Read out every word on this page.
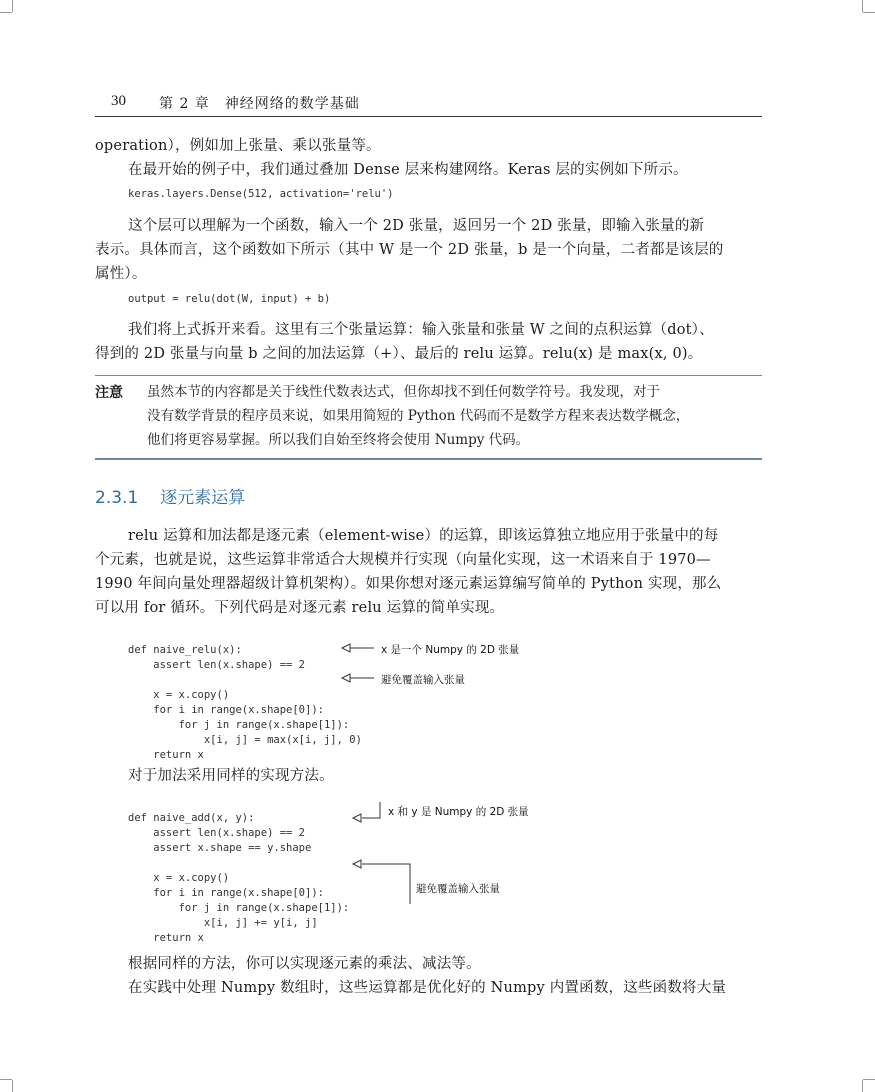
30 第 2 章　神经网络的数学基础
operation），例如加上张量、乘以张量等。
在最开始的例子中，我们通过叠加 Dense 层来构建网络。Keras 层的实例如下所示。
keras.layers.Dense(512, activation='relu')
这个层可以理解为一个函数，输入一个 2D 张量，返回另一个 2D 张量，即输入张量的新
表示。具体而言，这个函数如下所示（其中 W 是一个 2D 张量，b 是一个向量，二者都是该层的
属性）。
output = relu(dot(W, input) + b)
我们将上式拆开来看。这里有三个张量运算：输入张量和张量 W 之间的点积运算（dot）、
得到的 2D 张量与向量 b 之间的加法运算（+）、最后的 relu 运算。relu(x) 是 max(x, 0)。
注意 虽然本节的内容都是关于线性代数表达式，但你却找不到任何数学符号。我发现，对于
没有数学背景的程序员来说，如果用简短的 Python 代码而不是数学方程来表达数学概念，
他们将更容易掌握。所以我们自始至终将会使用 Numpy 代码。
2.3.1 逐元素运算
relu 运算和加法都是逐元素（element-wise）的运算，即该运算独立地应用于张量中的每
个元素，也就是说，这些运算非常适合大规模并行实现（向量化实现，这一术语来自于 1970—
1990 年间向量处理器超级计算机架构）。如果你想对逐元素运算编写简单的 Python 实现，那么
可以用 for 循环。下列代码是对逐元素 relu 运算的简单实现。

def naive_relu(x):
assert len(x.shape) == 2

x = x.copy()
for i in range(x.shape[0]):
for j in range(x.shape[1]):
x[i, j] = max(x[i, j], 0)
return x

x 是一个 Numpy 的 2D 张量
避免覆盖输入张量
对于加法采用同样的实现方法。

def naive_add(x, y):
assert len(x.shape) == 2
assert x.shape == y.shape

x = x.copy()
for i in range(x.shape[0]):
for j in range(x.shape[1]):
x[i, j] += y[i, j]
return x

x 和 y 是 Numpy 的 2D 张量
避免覆盖输入张量
根据同样的方法，你可以实现逐元素的乘法、减法等。
在实践中处理 Numpy 数组时，这些运算都是优化好的 Numpy 内置函数，这些函数将大量
